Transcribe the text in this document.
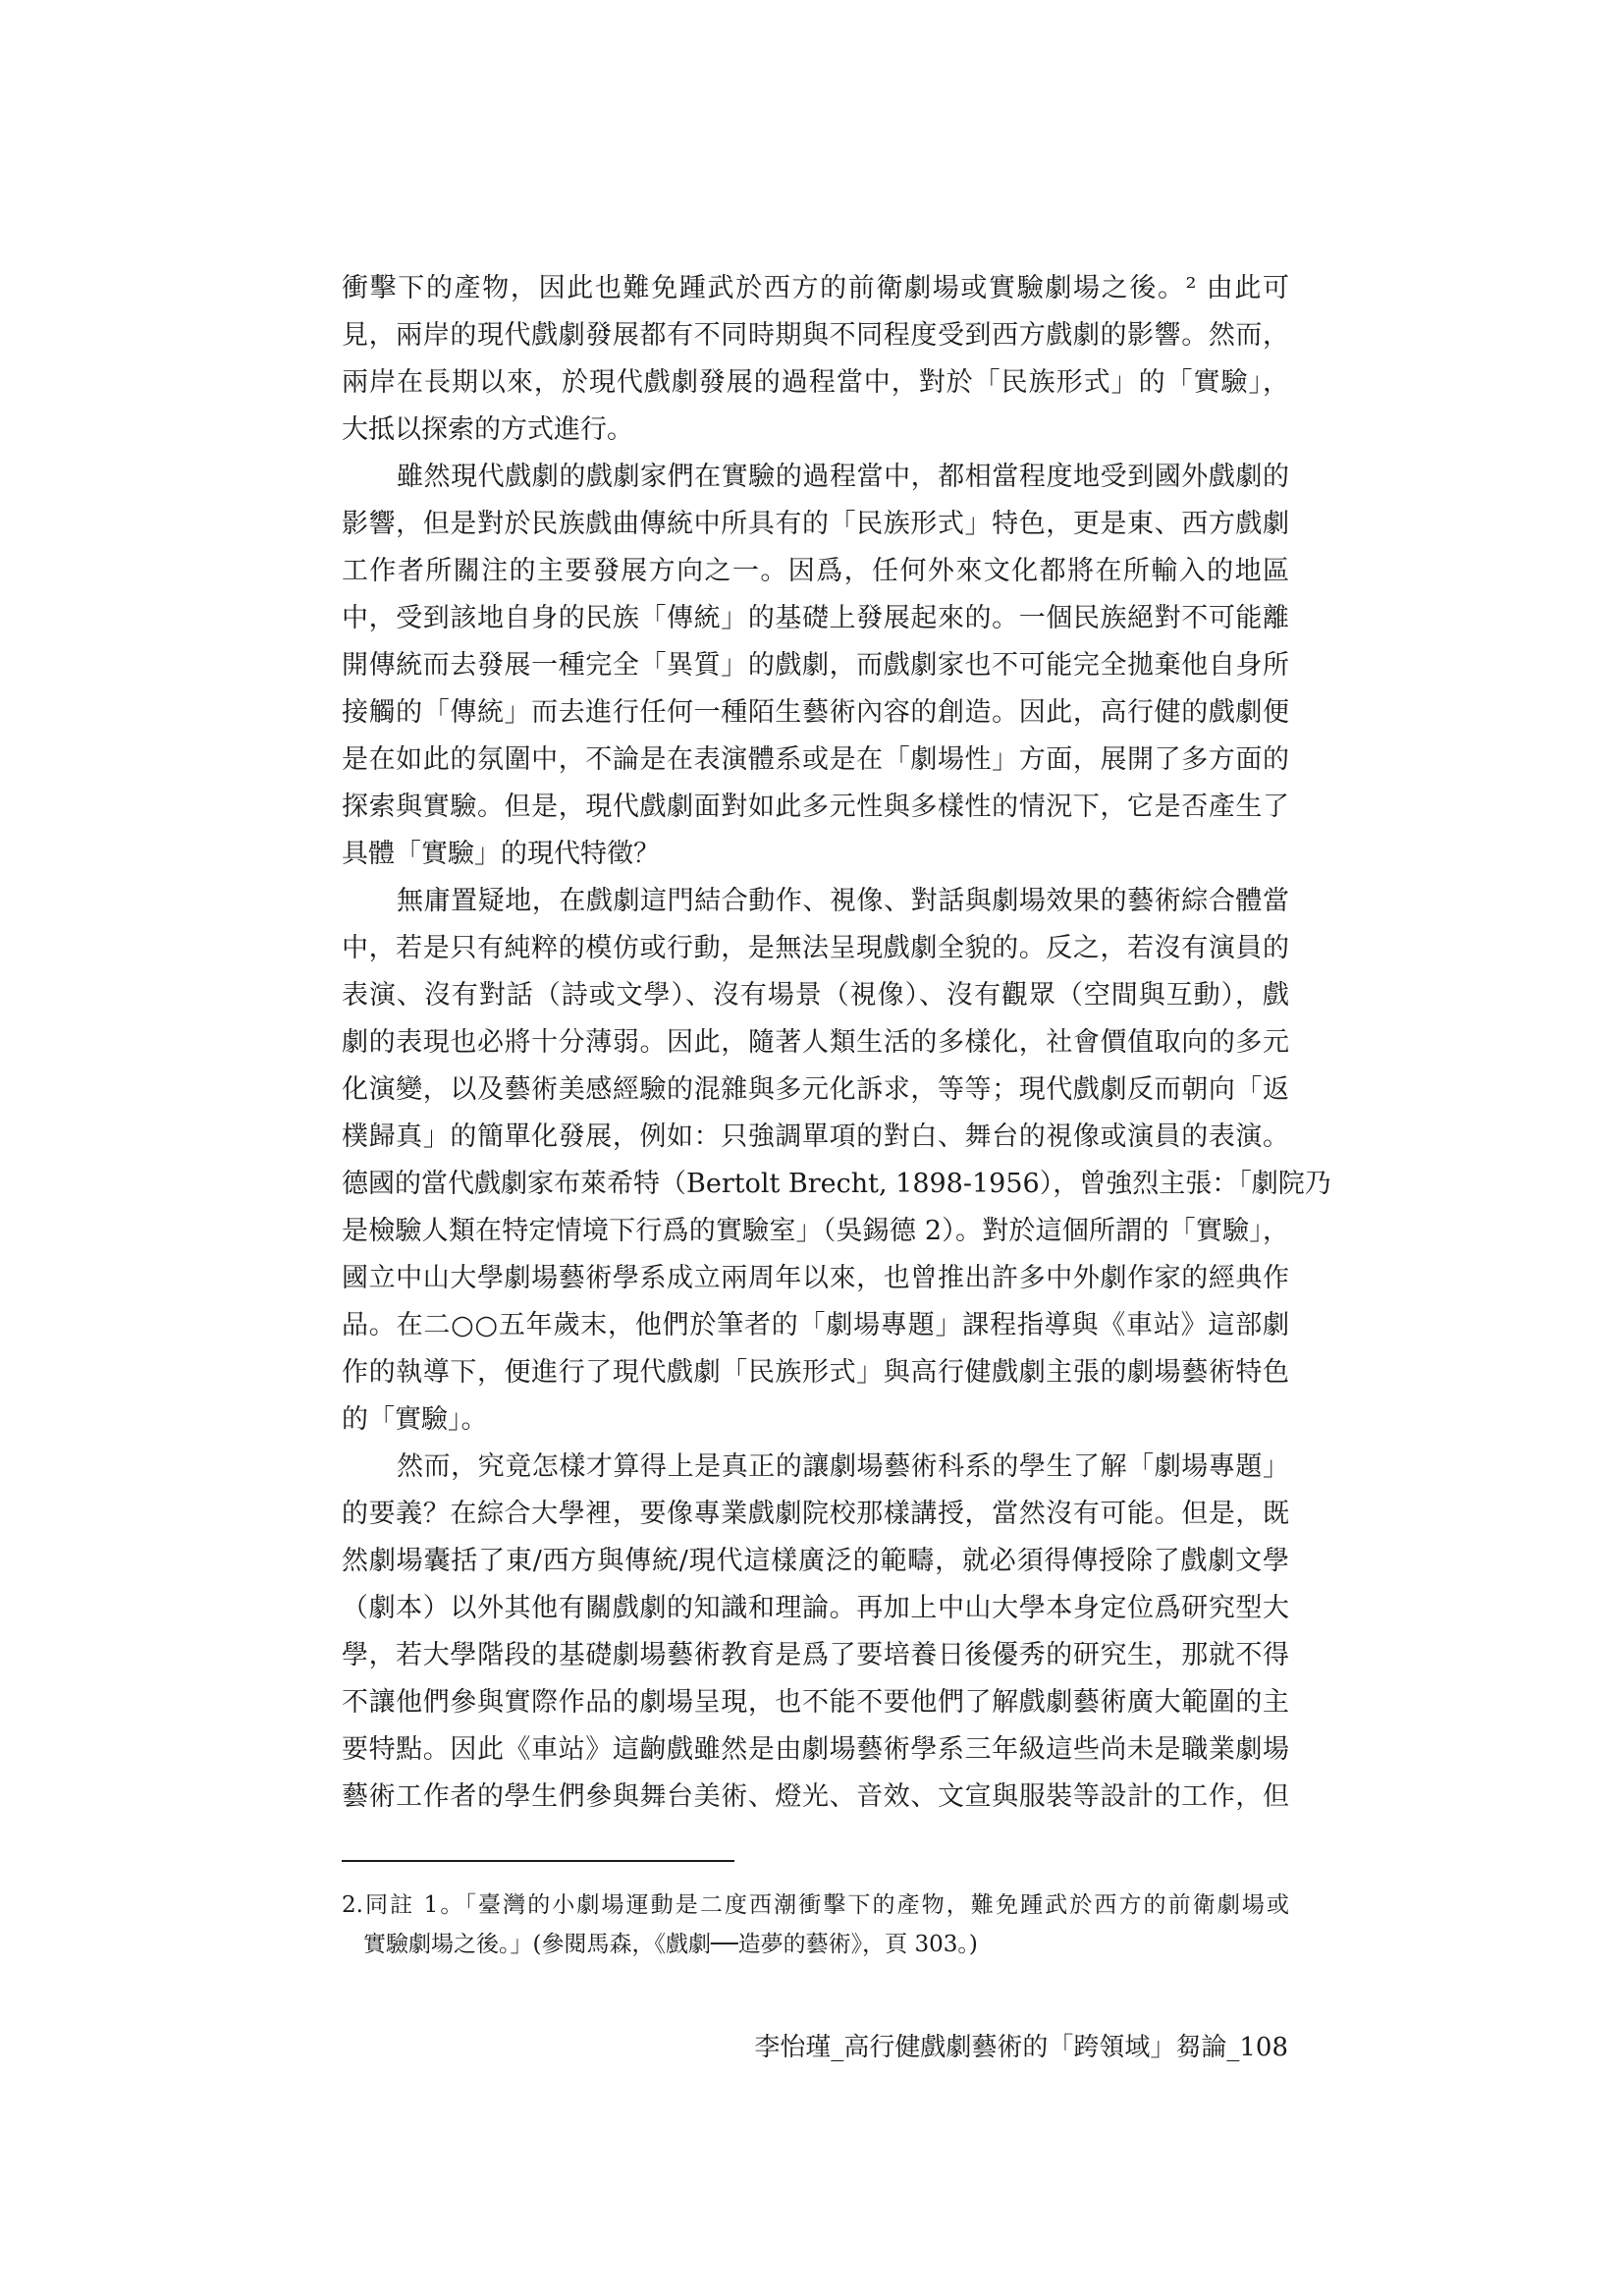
衝擊下的產物，因此也難免踵武於西方的前衛劇場或實驗劇場之後。² 由此可
見，兩岸的現代戲劇發展都有不同時期與不同程度受到西方戲劇的影響。然而，
兩岸在長期以來，於現代戲劇發展的過程當中，對於「民族形式」的「實驗」，
大抵以探索的方式進行。
雖然現代戲劇的戲劇家們在實驗的過程當中，都相當程度地受到國外戲劇的
影響，但是對於民族戲曲傳統中所具有的「民族形式」特色，更是東、西方戲劇
工作者所關注的主要發展方向之一。因爲，任何外來文化都將在所輸入的地區
中，受到該地自身的民族「傳統」的基礎上發展起來的。一個民族絕對不可能離
開傳統而去發展一種完全「異質」的戲劇，而戲劇家也不可能完全拋棄他自身所
接觸的「傳統」而去進行任何一種陌生藝術內容的創造。因此，高行健的戲劇便
是在如此的氛圍中，不論是在表演體系或是在「劇場性」方面，展開了多方面的
探索與實驗。但是，現代戲劇面對如此多元性與多樣性的情況下，它是否產生了
具體「實驗」的現代特徵？
無庸置疑地，在戲劇這門結合動作、視像、對話與劇場效果的藝術綜合體當
中，若是只有純粹的模仿或行動，是無法呈現戲劇全貌的。反之，若沒有演員的
表演、沒有對話（詩或文學）、沒有場景（視像）、沒有觀眾（空間與互動），戲
劇的表現也必將十分薄弱。因此，隨著人類生活的多樣化，社會價值取向的多元
化演變，以及藝術美感經驗的混雜與多元化訴求，等等；現代戲劇反而朝向「返
樸歸真」的簡單化發展，例如：只強調單項的對白、舞台的視像或演員的表演。
德國的當代戲劇家布萊希特（Bertolt Brecht, 1898-1956），曾強烈主張：「劇院乃
是檢驗人類在特定情境下行爲的實驗室」（吳錫德 2）。對於這個所謂的「實驗」，
國立中山大學劇場藝術學系成立兩周年以來，也曾推出許多中外劇作家的經典作
品。在二○○五年歲末，他們於筆者的「劇場專題」課程指導與《車站》這部劇
作的執導下，便進行了現代戲劇「民族形式」與高行健戲劇主張的劇場藝術特色
的「實驗」。
然而，究竟怎樣才算得上是真正的讓劇場藝術科系的學生了解「劇場專題」
的要義？在綜合大學裡，要像專業戲劇院校那樣講授，當然沒有可能。但是，既
然劇場囊括了東/西方與傳統/現代這樣廣泛的範疇，就必須得傳授除了戲劇文學
（劇本）以外其他有關戲劇的知識和理論。再加上中山大學本身定位爲研究型大
學，若大學階段的基礎劇場藝術教育是爲了要培養日後優秀的研究生，那就不得
不讓他們參與實際作品的劇場呈現，也不能不要他們了解戲劇藝術廣大範圍的主
要特點。因此《車站》這齣戲雖然是由劇場藝術學系三年級這些尚未是職業劇場
藝術工作者的學生們參與舞台美術、燈光、音效、文宣與服裝等設計的工作，但
2.同註 1。「臺灣的小劇場運動是二度西潮衝擊下的產物，難免踵武於西方的前衛劇場或
實驗劇場之後。」(參閱馬森，《戲劇──造夢的藝術》，頁 303。)
李怡瑾_高行健戲劇藝術的「跨領域」芻論_108
